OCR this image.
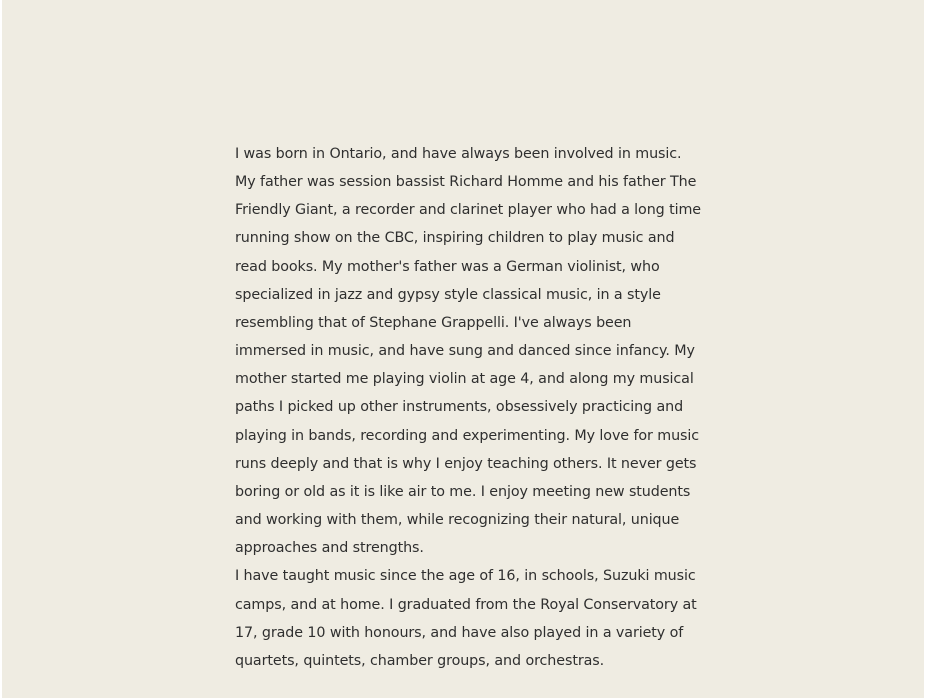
I was born in Ontario, and have always been involved in music. My father was session bassist Richard Homme and his father The Friendly Giant, a recorder and clarinet player who had a long time running show on the CBC, inspiring children to play music and read books. My mother's father was a German violinist, who specialized in jazz and gypsy style classical music, in a style resembling that of Stephane Grappelli. I've always been immersed in music, and have sung and danced since infancy. My mother started me playing violin at age 4, and along my musical paths I picked up other instruments, obsessively practicing and playing in bands, recording and experimenting. My love for music runs deeply and that is why I enjoy teaching others. It never gets boring or old as it is like air to me. I enjoy meeting new students and working with them, while recognizing their natural, unique approaches and strengths.

I have taught music since the age of 16, in schools, Suzuki music camps, and at home. I graduated from the Royal Conservatory at 17, grade 10 with honours, and have also played in a variety of quartets, quintets, chamber groups, and orchestras.
